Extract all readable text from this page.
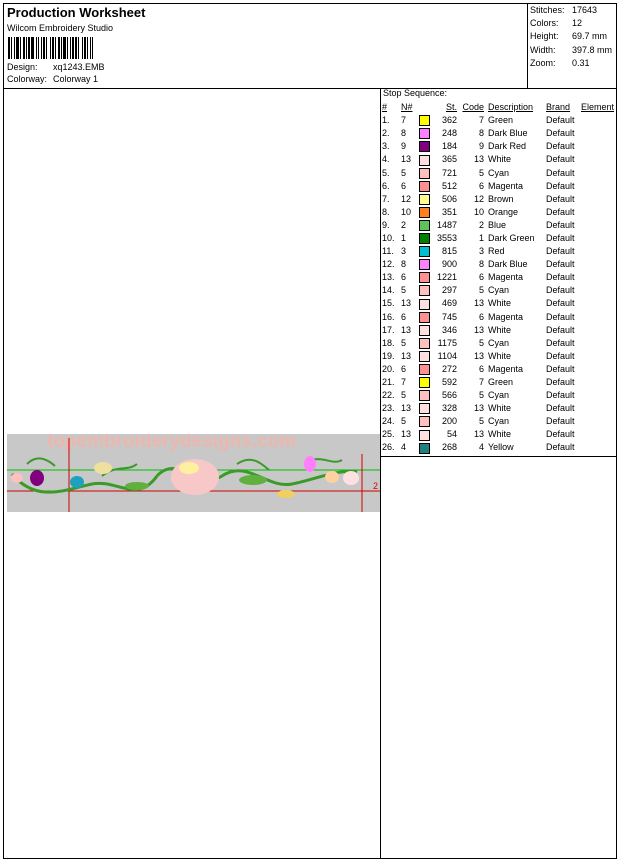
Production Worksheet
Wilcom Embroidery Studio
Design: xq1243.EMB
Colorway: Colorway 1
Stitches: 17643
Colors: 12
Height: 69.7 mm
Width: 397.8 mm
Zoom: 0.31
Stop Sequence:
#	N#		St.	Code	Description	Brand	Element
1.	7		362	7	Green	Default	
2.	8		248	8	Dark Blue	Default	
3.	9		184	9	Dark Red	Default	
4.	13		365	13	White	Default	
5.	5		721	5	Cyan	Default	
6.	6		512	6	Magenta	Default	
7.	12		506	12	Brown	Default	
8.	10		351	10	Orange	Default	
9.	2		1487	2	Blue	Default	
10.	1		3553	1	Dark Green	Default	
11.	3		815	3	Red	Default	
12.	8		900	8	Dark Blue	Default	
13.	6		1221	6	Magenta	Default	
14.	5		297	5	Cyan	Default	
15.	13		469	13	White	Default	
16.	6		745	6	Magenta	Default	
17.	13		346	13	White	Default	
18.	5		1175	5	Cyan	Default	
19.	13		1104	13	White	Default	
20.	6		272	6	Magenta	Default	
21.	7		592	7	Green	Default	
22.	5		566	5	Cyan	Default	
23.	13		328	13	White	Default	
24.	5		200	5	Cyan	Default	
25.	13		54	13	White	Default	
26.	4		268	4	Yellow	Default	
topembroiderydesigns.com
2
